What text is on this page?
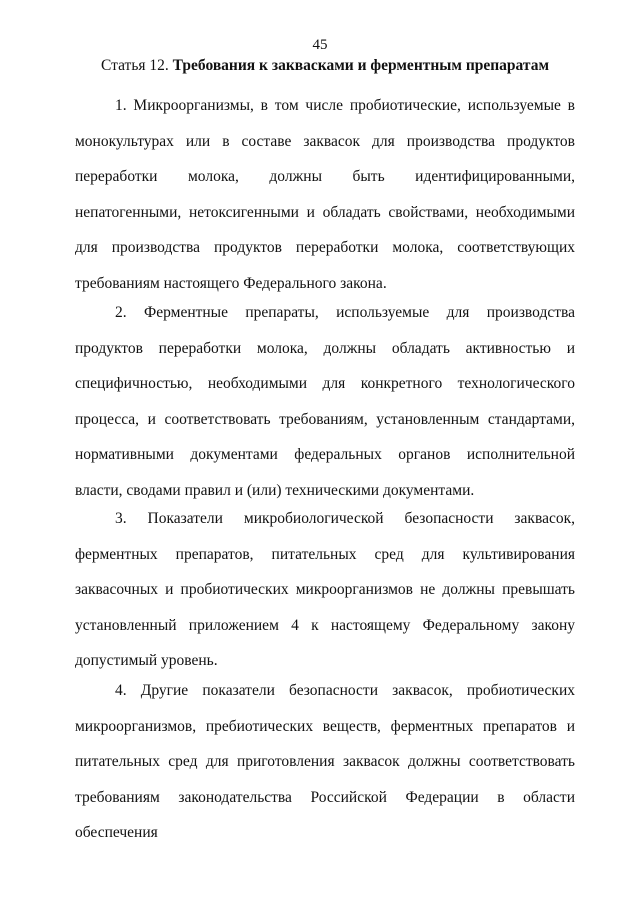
45
Статья 12. Требования к заквасками и ферментным препаратам

1. Микроорганизмы, в том числе пробиотические, используемые в монокультурах или в составе заквасок для производства продуктов переработки молока, должны быть идентифицированными, непатогенными, нетоксигенными и обладать свойствами, необходимыми для производства продуктов переработки молока, соответствующих требованиям настоящего Федерального закона.

2. Ферментные препараты, используемые для производства продуктов переработки молока, должны обладать активностью и специфичностью, необходимыми для конкретного технологического процесса, и соответствовать требованиям, установленным стандартами, нормативными документами федеральных органов исполнительной власти, сводами правил и (или) техническими документами.

3. Показатели микробиологической безопасности заквасок, ферментных препаратов, питательных сред для культивирования заквасочных и пробиотических микроорганизмов не должны превышать установленный приложением 4 к настоящему Федеральному закону допустимый уровень.

4. Другие показатели безопасности заквасок, пробиотических микроорганизмов, пребиотических веществ, ферментных препаратов и питательных сред для приготовления заквасок должны соответствовать требованиям законодательства Российской Федерации в области обеспечения
